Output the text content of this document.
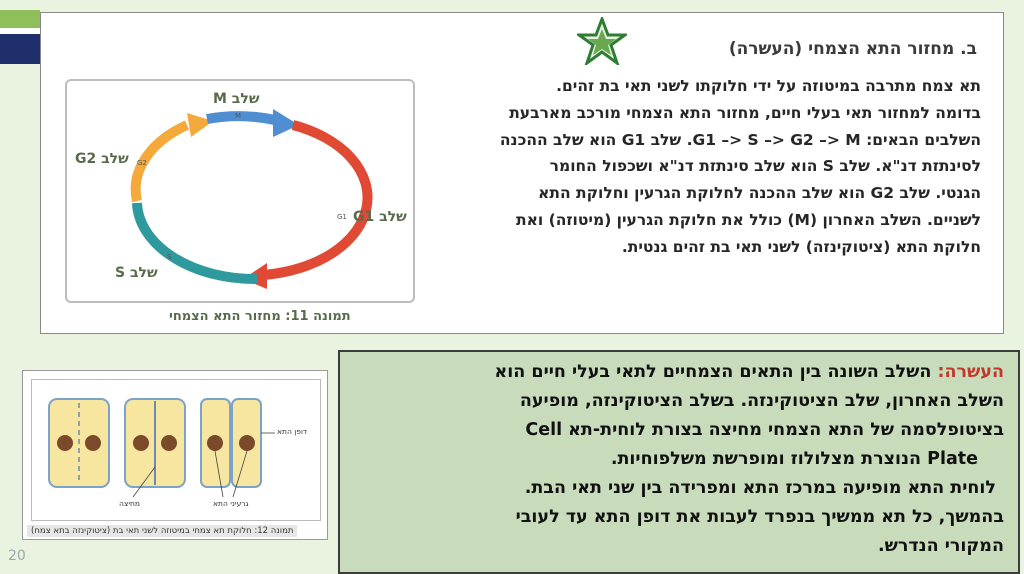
ב. מחזור התא הצמחי (העשרה)
שלב M
M
שלב G2 G2
שלב G1
G1
שלב S
S
תמונה 11: מחזור התא הצמחי
תא צמח מתרבה במיטוזה על ידי חלוקתו לשני תאי בת זהים.
בדומה למחזור תאי בעלי חיים, מחזור התא הצמחי מורכב מארבעת
השלבים הבאים: G1 –> S –> G2 –> M. שלב G1 הוא שלב ההכנה
לסינתזת דנ"א. שלב S הוא שלב סינתזת דנ"א ושכפול החומר
הגנטי. שלב G2 הוא שלב ההכנה לחלוקת הגרעין וחלוקת התא
לשניים. השלב האחרון (M) כולל את חלוקת הגרעין (מיטוזה) ואת
חלוקת התא (ציטוקינזה) לשני תאי בת זהים גנטית.
דופן התא
מחיצה	גרעיני התא
תמונה 12: חלוקת תא צמחי במיטוזה לשני תאי בת (ציטוקינזה בתא צמח)
העשרה: השלב השונה בין התאים הצמחיים לתאי בעלי חיים הוא
השלב האחרון, שלב הציטוקינזה. בשלב הציטוקינזה, מופיעה
בציטופלסמה של התא הצמחי מחיצה בצורת לוחית-תא Cell
Plate הנוצרת מצלולוז ומופרשת משלפוחיות.
לוחית התא מופיעה במרכז התא ומפרידה בין שני תאי הבת.
בהמשך, כל תא ממשיך בנפרד לעבות את דופן התא עד לעובי
המקורי הנדרש.
20
